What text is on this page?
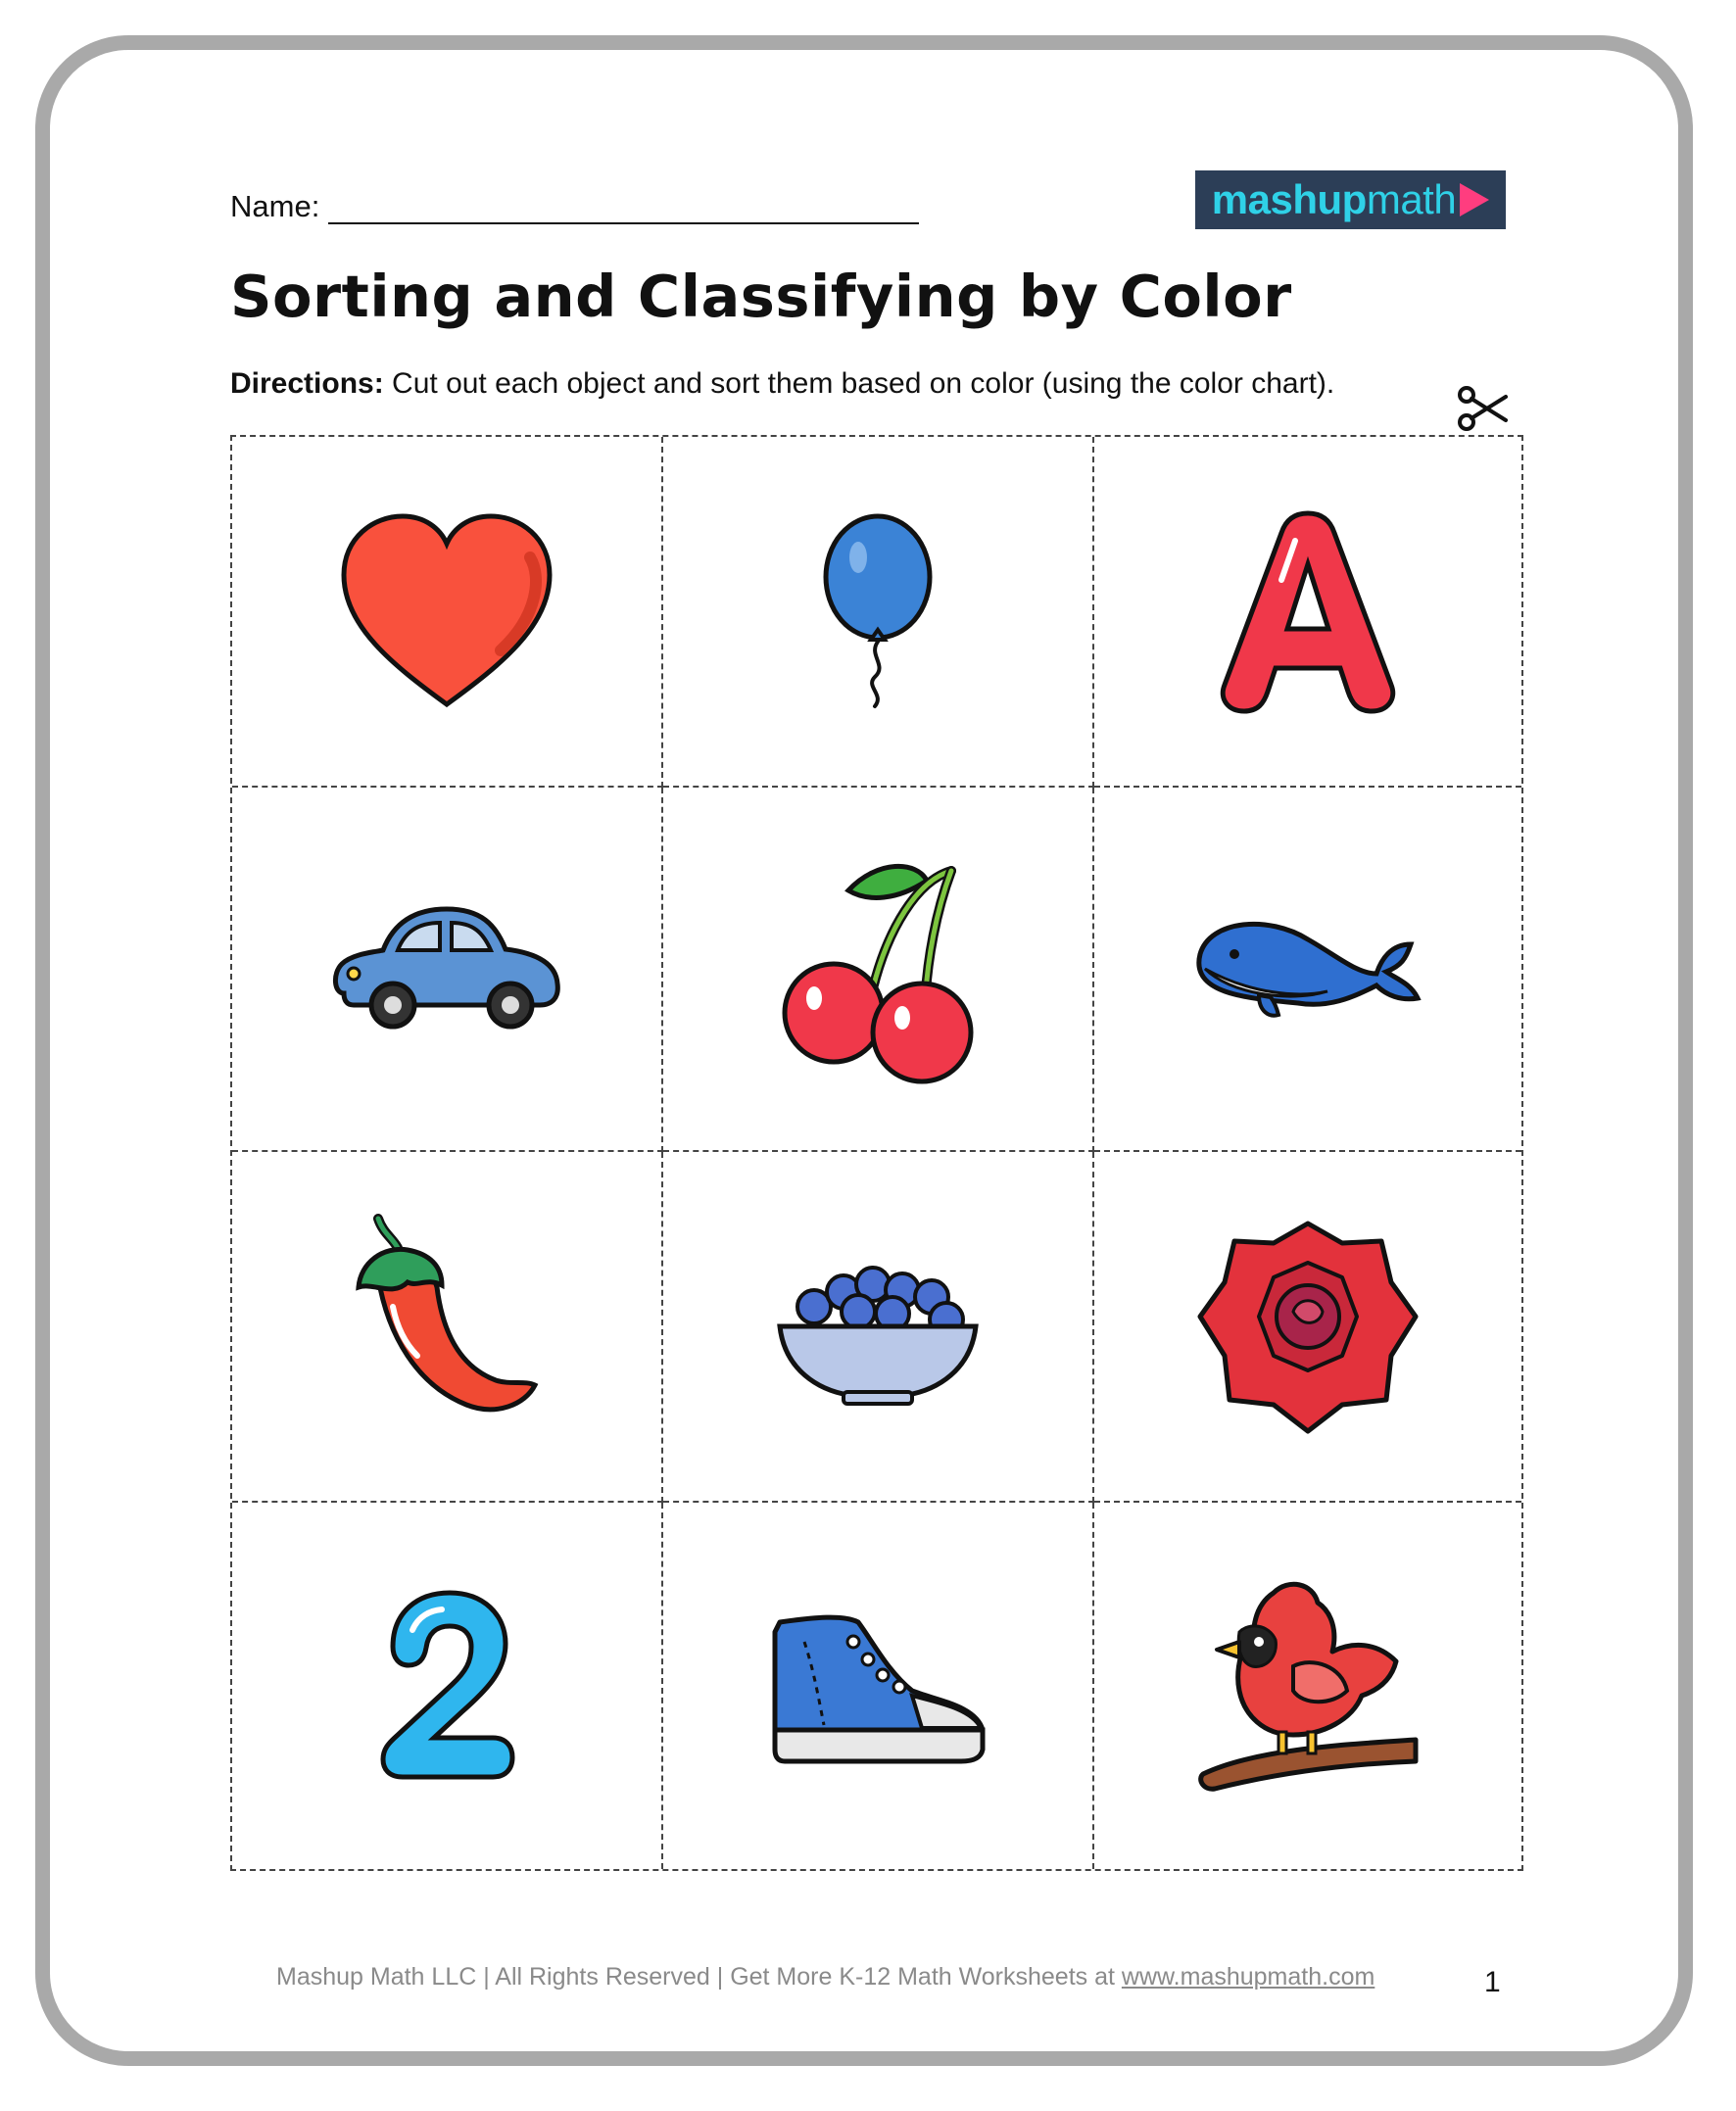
Name:	mashup math
Sorting and Classifying by Color
Directions: Cut out each object and sort them based on color (using the color chart).
Mashup Math LLC | All Rights Reserved | Get More K-12 Math Worksheets at www.mashupmath.com	1
